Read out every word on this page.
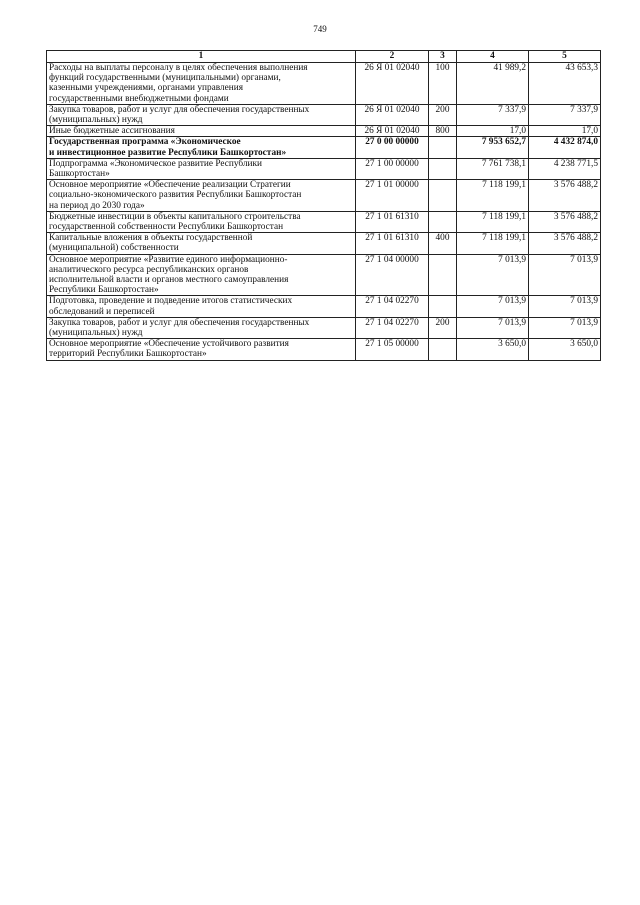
749
1	2	3	4	5

Расходы на выплаты персоналу в целях обеспечения выполнения
функций государственными (муниципальными) органами,
казенными учреждениями, органами управления
государственными внебюджетными фондами	26 Я 01 02040	100	41 989,2	43 653,3

Закупка товаров, работ и услуг для обеспечения государственных
(муниципальных) нужд	26 Я 01 02040	200	7 337,9	7 337,9

Иные бюджетные ассигнования	26 Я 01 02040	800	17,0	17,0

Государственная программа «Экономическое
и инвестиционное развитие Республики Башкортостан»	27 0 00 00000		7 953 652,7	4 432 874,0

Подпрограмма «Экономическое развитие Республики
Башкортостан»	27 1 00 00000		7 761 738,1	4 238 771,5

Основное мероприятие «Обеспечение реализации Стратегии
социально-экономического развития Республики Башкортостан
на период до 2030 года»	27 1 01 00000		7 118 199,1	3 576 488,2

Бюджетные инвестиции в объекты капитального строительства
государственной собственности Республики Башкортостан	27 1 01 61310		7 118 199,1	3 576 488,2

Капитальные вложения в объекты государственной
(муниципальной) собственности	27 1 01 61310	400	7 118 199,1	3 576 488,2

Основное мероприятие «Развитие единого информационно-
аналитического ресурса республиканских органов
исполнительной власти и органов местного самоуправления
Республики Башкортостан»	27 1 04 00000		7 013,9	7 013,9

Подготовка, проведение и подведение итогов статистических
обследований и переписей	27 1 04 02270		7 013,9	7 013,9

Закупка товаров, работ и услуг для обеспечения государственных
(муниципальных) нужд	27 1 04 02270	200	7 013,9	7 013,9

Основное мероприятие «Обеспечение устойчивого развития
территорий Республики Башкортостан»	27 1 05 00000		3 650,0	3 650,0
